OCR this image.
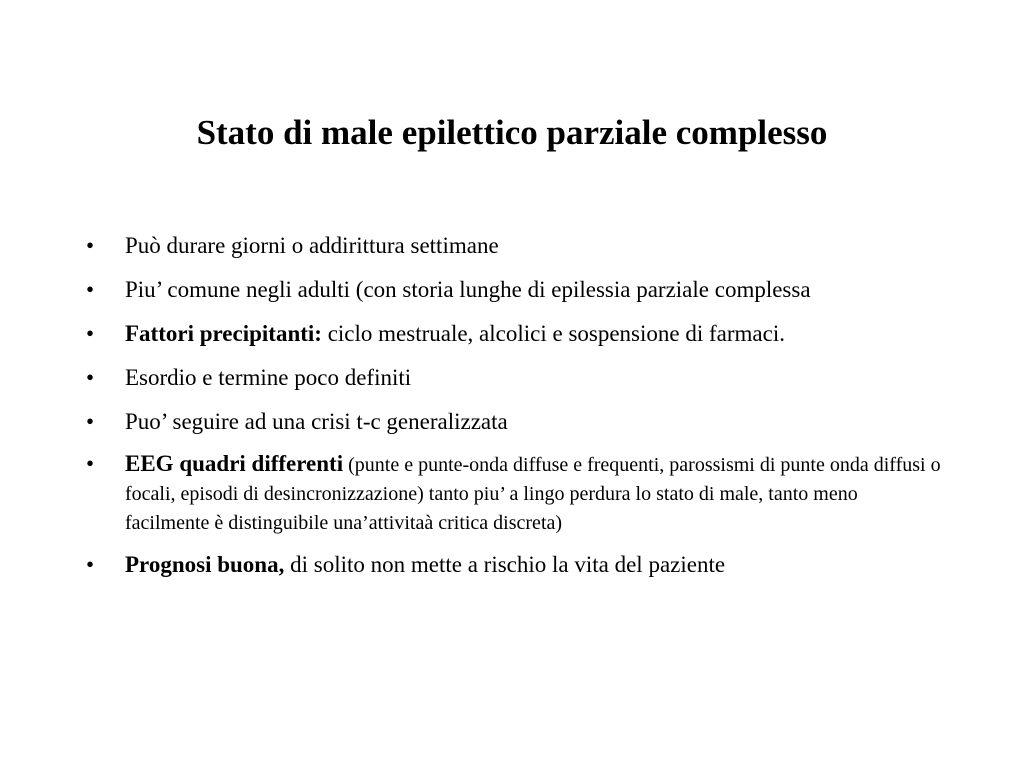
Stato di male epilettico parziale complesso
• Può durare giorni o addirittura settimane
• Piu’ comune negli adulti (con storia lunghe di epilessia parziale complessa
• Fattori precipitanti: ciclo mestruale, alcolici e sospensione di farmaci.
• Esordio e termine poco definiti
• Puo’ seguire ad una crisi t-c generalizzata
• EEG quadri differenti (punte e punte-onda diffuse e frequenti, parossismi di punte onda diffusi o focali, episodi di desincronizzazione) tanto piu’ a lingo perdura lo stato di male, tanto meno facilmente è distinguibile una’attivitaà critica discreta)
• Prognosi buona, di solito non mette a rischio la vita del paziente
